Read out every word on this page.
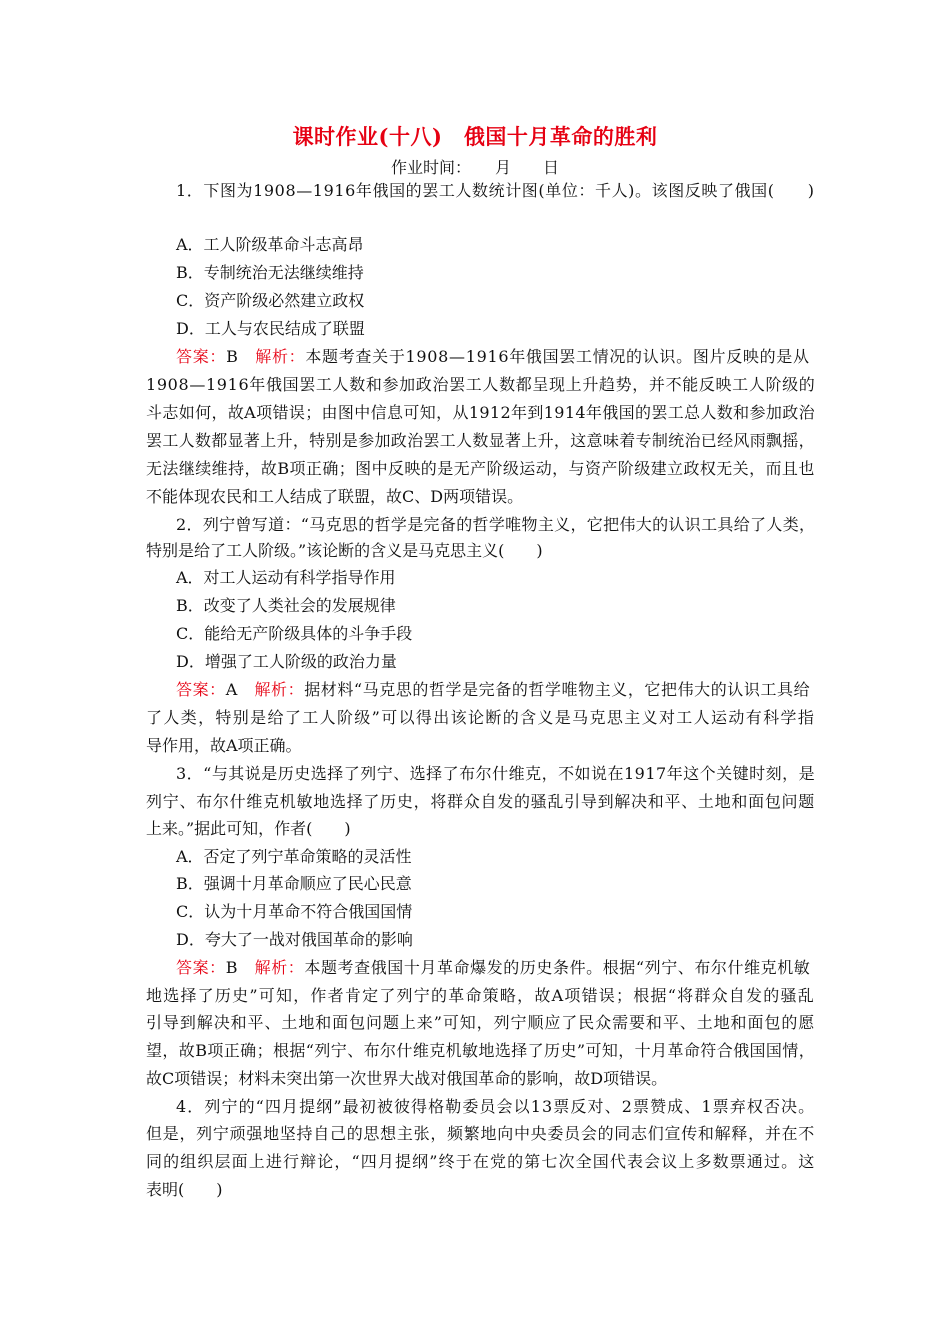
课时作业(十八)　俄国十月革命的胜利
作业时间：　　月　　日
1．下图为1908—1916年俄国的罢工人数统计图(单位：千人)。该图反映了俄国(　　)
A．工人阶级革命斗志高昂
B．专制统治无法继续维持
C．资产阶级必然建立政权
D．工人与农民结成了联盟
答案：B　解析：本题考查关于1908—1916年俄国罢工情况的认识。图片反映的是从
1908—1916年俄国罢工人数和参加政治罢工人数都呈现上升趋势，并不能反映工人阶级的
斗志如何，故A项错误；由图中信息可知，从1912年到1914年俄国的罢工总人数和参加政治
罢工人数都显著上升，特别是参加政治罢工人数显著上升，这意味着专制统治已经风雨飘摇，
无法继续维持，故B项正确；图中反映的是无产阶级运动，与资产阶级建立政权无关，而且也
不能体现农民和工人结成了联盟，故C、D两项错误。
2．列宁曾写道：“马克思的哲学是完备的哲学唯物主义，它把伟大的认识工具给了人类，
特别是给了工人阶级。”该论断的含义是马克思主义(　　)
A．对工人运动有科学指导作用
B．改变了人类社会的发展规律
C．能给无产阶级具体的斗争手段
D．增强了工人阶级的政治力量
答案：A　解析：据材料“马克思的哲学是完备的哲学唯物主义，它把伟大的认识工具给
了人类，特别是给了工人阶级”可以得出该论断的含义是马克思主义对工人运动有科学指
导作用，故A项正确。
3．“与其说是历史选择了列宁、选择了布尔什维克，不如说在1917年这个关键时刻，是
列宁、布尔什维克机敏地选择了历史，将群众自发的骚乱引导到解决和平、土地和面包问题
上来。”据此可知，作者(　　)
A．否定了列宁革命策略的灵活性
B．强调十月革命顺应了民心民意
C．认为十月革命不符合俄国国情
D．夸大了一战对俄国革命的影响
答案：B　解析：本题考查俄国十月革命爆发的历史条件。根据“列宁、布尔什维克机敏
地选择了历史”可知，作者肯定了列宁的革命策略，故A项错误；根据“将群众自发的骚乱
引导到解决和平、土地和面包问题上来”可知，列宁顺应了民众需要和平、土地和面包的愿
望，故B项正确；根据“列宁、布尔什维克机敏地选择了历史”可知，十月革命符合俄国国情，
故C项错误；材料未突出第一次世界大战对俄国革命的影响，故D项错误。
4．列宁的“四月提纲”最初被彼得格勒委员会以13票反对、2票赞成、1票弃权否决。
但是，列宁顽强地坚持自己的思想主张，频繁地向中央委员会的同志们宣传和解释，并在不
同的组织层面上进行辩论，“四月提纲”终于在党的第七次全国代表会议上多数票通过。这
表明(　　)
